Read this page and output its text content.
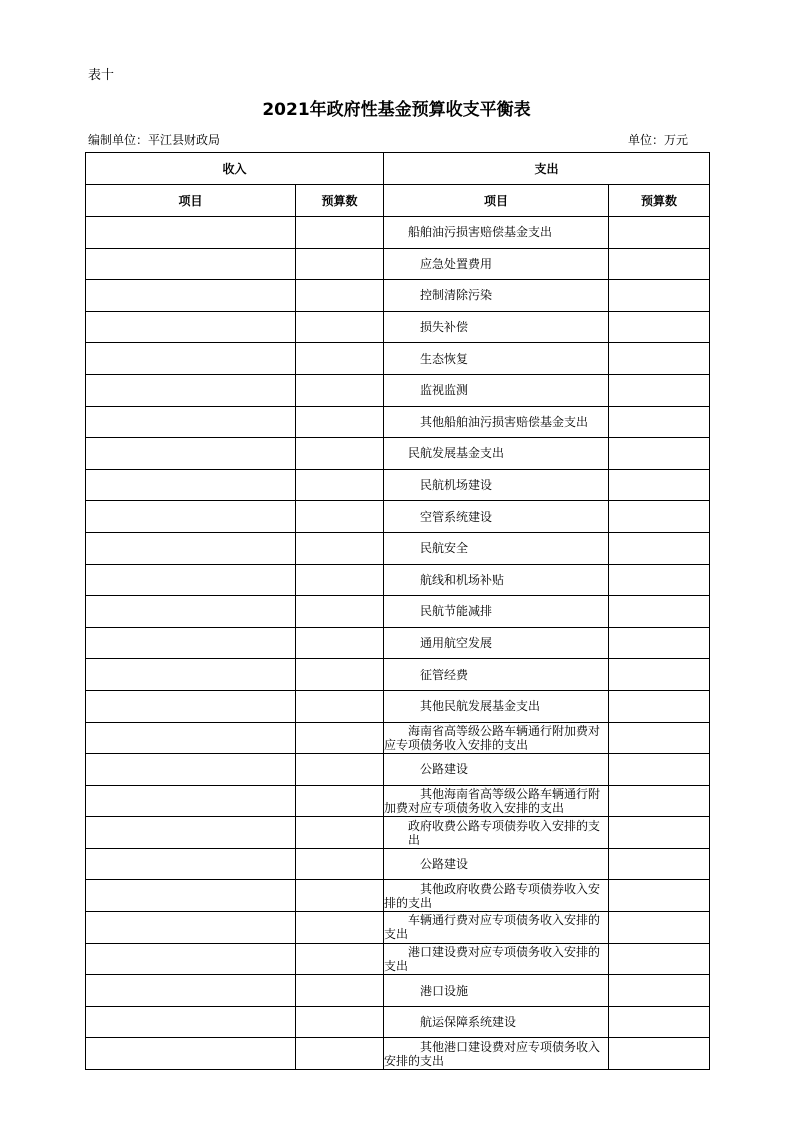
表十
2021年政府性基金预算收支平衡表
编制单位：平江县财政局	单位：万元
收入		支出	
项目	预算数	项目	预算数
		船舶油污损害赔偿基金支出	
		应急处置费用	
		控制清除污染	
		损失补偿	
		生态恢复	
		监视监测	
		其他船舶油污损害赔偿基金支出	
		民航发展基金支出	
		民航机场建设	
		空管系统建设	
		民航安全	
		航线和机场补贴	
		民航节能减排	
		通用航空发展	
		征管经费	
		其他民航发展基金支出	
		海南省高等级公路车辆通行附加费对应专项债务收入安排的支出	
		公路建设	
		其他海南省高等级公路车辆通行附加费对应专项债务收入安排的支出	
		政府收费公路专项债券收入安排的支出	
		公路建设	
		其他政府收费公路专项债券收入安排的支出	
		车辆通行费对应专项债务收入安排的支出	
		港口建设费对应专项债务收入安排的支出	
		港口设施	
		航运保障系统建设	
		其他港口建设费对应专项债务收入安排的支出	
